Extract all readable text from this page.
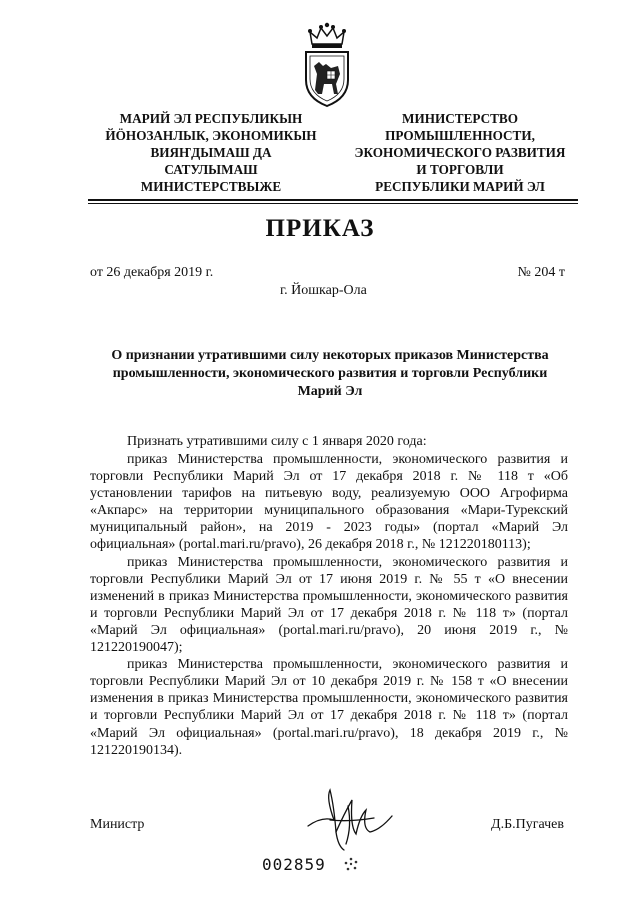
МАРИЙ ЭЛ РЕСПУБЛИКЫН
ЙӦНОЗАНЛЫК, ЭКОНОМИКЫН
ВИЯҤДЫМАШ ДА
САТУЛЫМАШ
МИНИСТЕРСТВЫЖЕ
МИНИСТЕРСТВО
ПРОМЫШЛЕННОСТИ,
ЭКОНОМИЧЕСКОГО РАЗВИТИЯ
И ТОРГОВЛИ
РЕСПУБЛИКИ МАРИЙ ЭЛ
ПРИКАЗ
от 26 декабря 2019 г.	№ 204 т
г. Йошкар-Ола
О признании утратившими силу некоторых приказов Министерства промышленности, экономического развития и торговли Республики Марий Эл
Признать утратившими силу с 1 января 2020 года:

приказ Министерства промышленности, экономического развития и торговли Республики Марий Эл от 17 декабря 2018 г. № 118 т «Об установлении тарифов на питьевую воду, реализуемую ООО Агрофирма «Акпарс» на территории муниципального образования «Мари-Турекский муниципальный район», на 2019 - 2023 годы» (портал «Марий Эл официальная» (portal.mari.ru/pravo), 26 декабря 2018 г., № 121220180113);

приказ Министерства промышленности, экономического развития и торговли Республики Марий Эл от 17 июня 2019 г. № 55 т «О внесении изменений в приказ Министерства промышленности, экономического развития и торговли Республики Марий Эл от 17 декабря 2018 г. № 118 т» (портал «Марий Эл официальная» (portal.mari.ru/pravo), 20 июня 2019 г., № 121220190047);

приказ Министерства промышленности, экономического развития и торговли Республики Марий Эл от 10 декабря 2019 г. № 158 т «О внесении изменения в приказ Министерства промышленности, экономического развития и торговли Республики Марий Эл от 17 декабря 2018 г. № 118 т» (портал «Марий Эл официальная» (portal.mari.ru/pravo), 18 декабря 2019 г., № 121220190134).

Министр	Д.Б.Пугачев
002859
